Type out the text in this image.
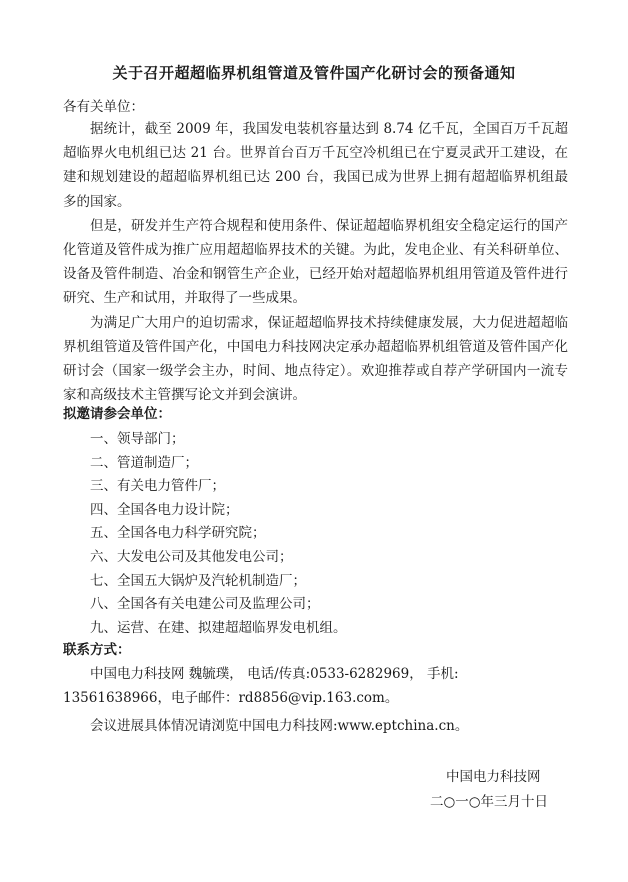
关于召开超超临界机组管道及管件国产化研讨会的预备通知
各有关单位：

据统计，截至 2009 年，我国发电装机容量达到 8.74 亿千瓦，全国百万千瓦超超临界火电机组已达 21 台。世界首台百万千瓦空冷机组已在宁夏灵武开工建设，在建和规划建设的超超临界机组已达 200 台，我国已成为世界上拥有超超临界机组最多的国家。

但是，研发并生产符合规程和使用条件、保证超超临界机组安全稳定运行的国产化管道及管件成为推广应用超超临界技术的关键。为此，发电企业、有关科研单位、设备及管件制造、冶金和钢管生产企业，已经开始对超超临界机组用管道及管件进行研究、生产和试用，并取得了一些成果。

为满足广大用户的迫切需求，保证超超临界技术持续健康发展，大力促进超超临界机组管道及管件国产化，中国电力科技网决定承办超超临界机组管道及管件国产化研讨会（国家一级学会主办，时间、地点待定）。欢迎推荐或自荐产学研国内一流专家和高级技术主管撰写论文并到会演讲。

拟邀请参会单位：
一、领导部门；
二、管道制造厂；
三、有关电力管件厂；
四、全国各电力设计院；
五、全国各电力科学研究院；
六、大发电公司及其他发电公司；
七、全国五大锅炉及汽轮机制造厂；
八、全国各有关电建公司及监理公司；
九、运营、在建、拟建超超临界发电机组。
联系方式：

中国电力科技网 魏毓璞， 电话/传真:0533-6282969， 手机: 13561638966，电子邮件：rd8856@vip.163.com。

会议进展具体情况请浏览中国电力科技网:www.eptchina.cn。

中国电力科技网
二○一○年三月十日
